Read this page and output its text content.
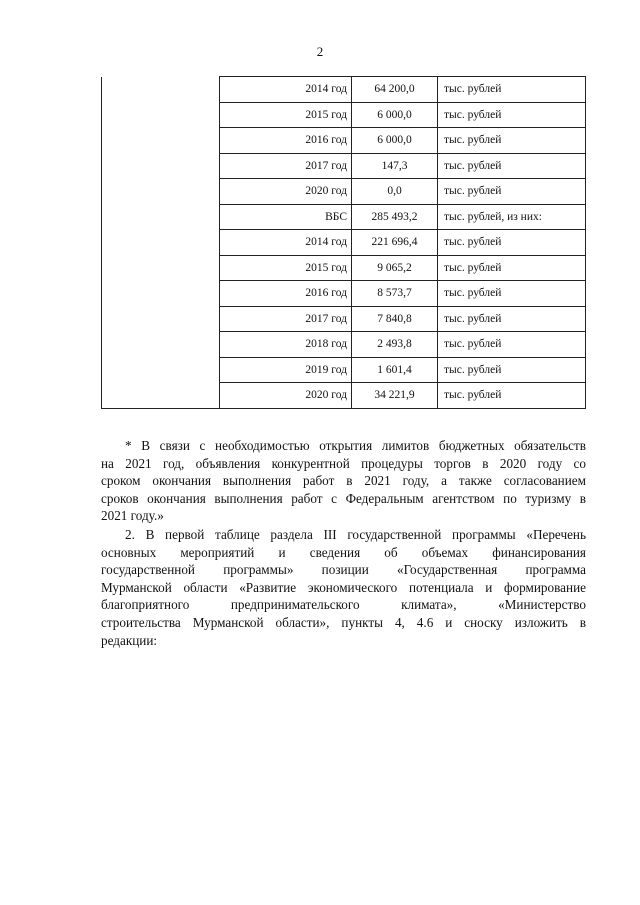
2
	2014 год	64 200,0	тыс. рублей
	2015 год	6 000,0	тыс. рублей
	2016 год	6 000,0	тыс. рублей
	2017 год	147,3	тыс. рублей
	2020 год	0,0	тыс. рублей
	ВБС	285 493,2	тыс. рублей, из них:
	2014 год	221 696,4	тыс. рублей
	2015 год	9 065,2	тыс. рублей
	2016 год	8 573,7	тыс. рублей
	2017 год	7 840,8	тыс. рублей
	2018 год	2 493,8	тыс. рублей
	2019 год	1 601,4	тыс. рублей
	2020 год	34 221,9	тыс. рублей
* В связи с необходимостью открытия лимитов бюджетных обязательств
на 2021 год, объявления конкурентной процедуры торгов в 2020 году со
сроком окончания выполнения работ в 2021 году, а также согласованием
сроков окончания выполнения работ с Федеральным агентством по туризму в
2021 году.»
2. В первой таблице раздела III государственной программы «Перечень
основных мероприятий и сведения об объемах финансирования
государственной программы» позиции «Государственная программа
Мурманской области «Развитие экономического потенциала и формирование
благоприятного предпринимательского климата», «Министерство
строительства Мурманской области», пункты 4, 4.6 и сноску изложить в
редакции:
